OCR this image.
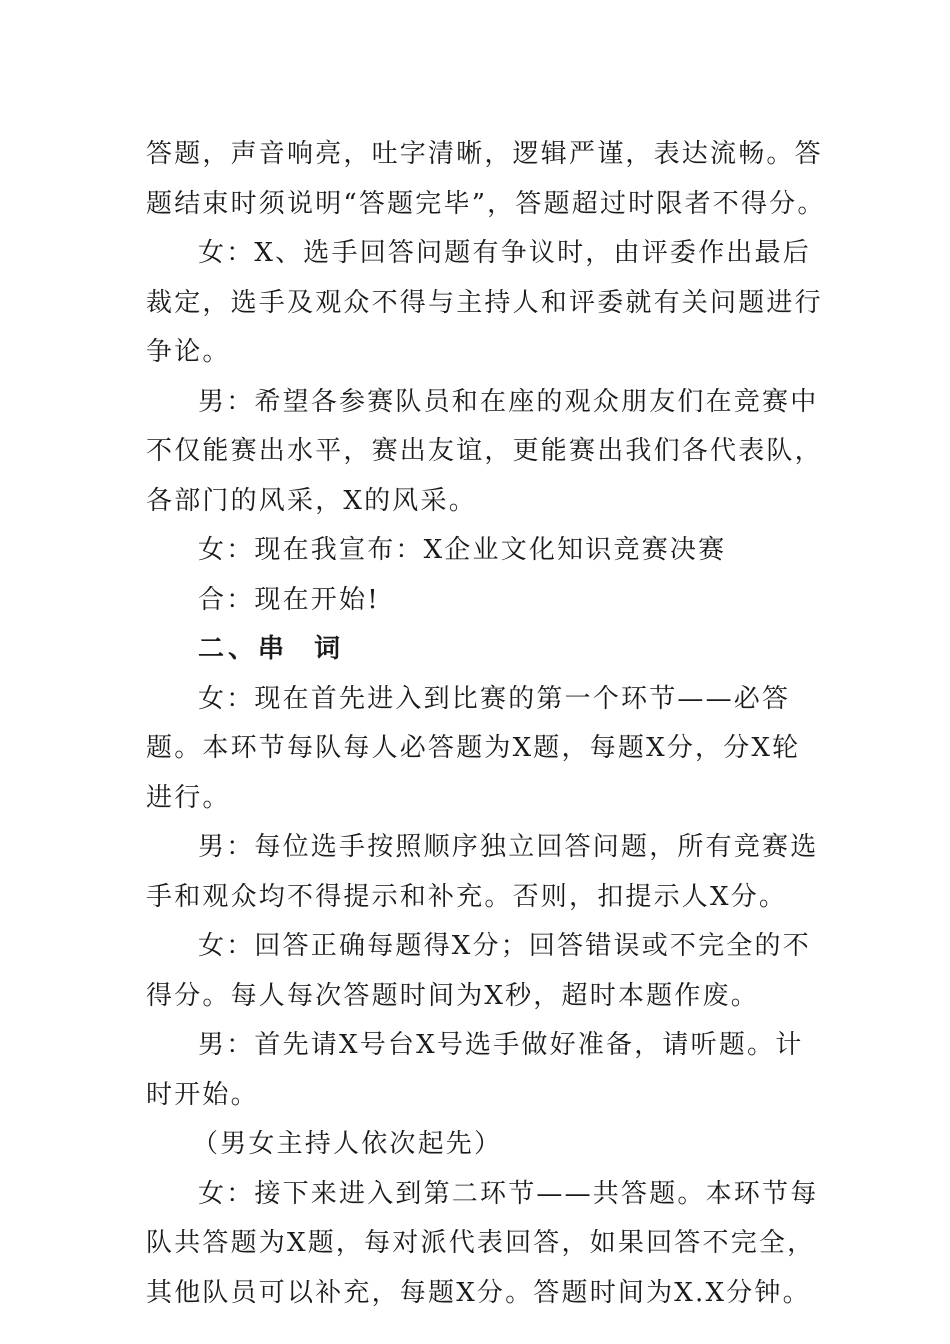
答题，声音响亮，吐字清晰，逻辑严谨，表达流畅。答题结束时须说明“答题完毕”，答题超过时限者不得分。

女：X、选手回答问题有争议时，由评委作出最后裁定，选手及观众不得与主持人和评委就有关问题进行争论。

男：希望各参赛队员和在座的观众朋友们在竞赛中不仅能赛出水平，赛出友谊，更能赛出我们各代表队，各部门的风采，X的风采。

女：现在我宣布：X企业文化知识竞赛决赛

合：现在开始!

二、串  词

女：现在首先进入到比赛的第一个环节——必答题。本环节每队每人必答题为X题，每题X分，分X轮进行。

男：每位选手按照顺序独立回答问题，所有竞赛选手和观众均不得提示和补充。否则，扣提示人X分。

女：回答正确每题得X分；回答错误或不完全的不得分。每人每次答题时间为X秒，超时本题作废。

男：首先请X号台X号选手做好准备，请听题。计时开始。

（男女主持人依次起先）

女：接下来进入到第二环节——共答题。本环节每队共答题为X题，每对派代表回答，如果回答不完全，其他队员可以补充，每题X分。答题时间为X.X分钟。
